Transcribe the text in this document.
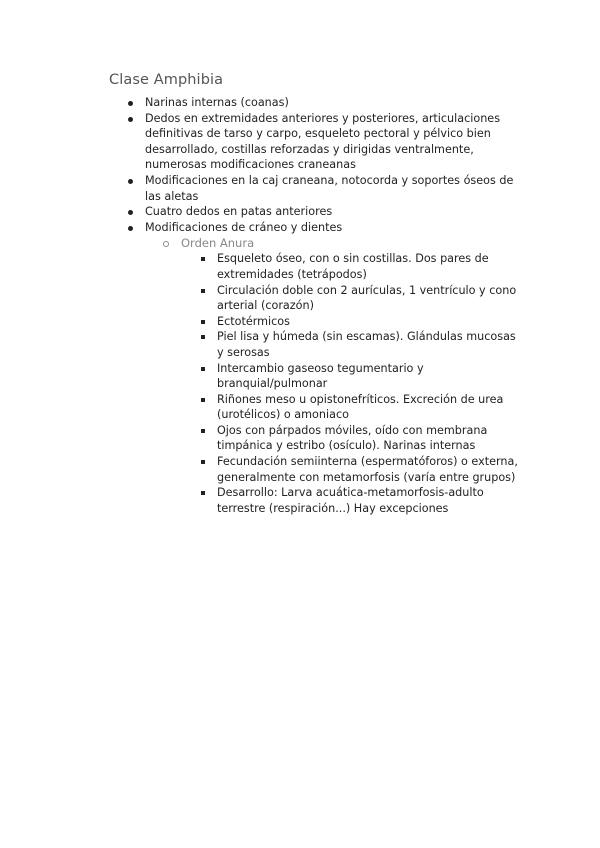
Clase Amphibia
Narinas internas (coanas)
Dedos en extremidades anteriores y posteriores, articulaciones definitivas de tarso y carpo, esqueleto pectoral y pélvico bien desarrollado, costillas reforzadas y dirigidas ventralmente, numerosas modificaciones craneanas
Modificaciones en la caj craneana, notocorda y soportes óseos de las aletas
Cuatro dedos en patas anteriores
Modificaciones de cráneo y dientes
Orden Anura
Esqueleto óseo, con o sin costillas. Dos pares de extremidades (tetrápodos)
Circulación doble con 2 aurículas, 1 ventrículo y cono arterial (corazón)
Ectotérmicos
Piel lisa y húmeda (sin escamas). Glándulas mucosas y serosas
Intercambio gaseoso tegumentario y branquial/pulmonar
Riñones meso u opistonefríticos. Excreción de urea (urotélicos) o amoniaco
Ojos con párpados móviles, oído con membrana timpánica y estribo (osículo). Narinas internas
Fecundación semiinterna (espermatóforos) o externa, generalmente con metamorfosis (varía entre grupos)
Desarrollo: Larva acuática-metamorfosis-adulto terrestre (respiración...) Hay excepciones
